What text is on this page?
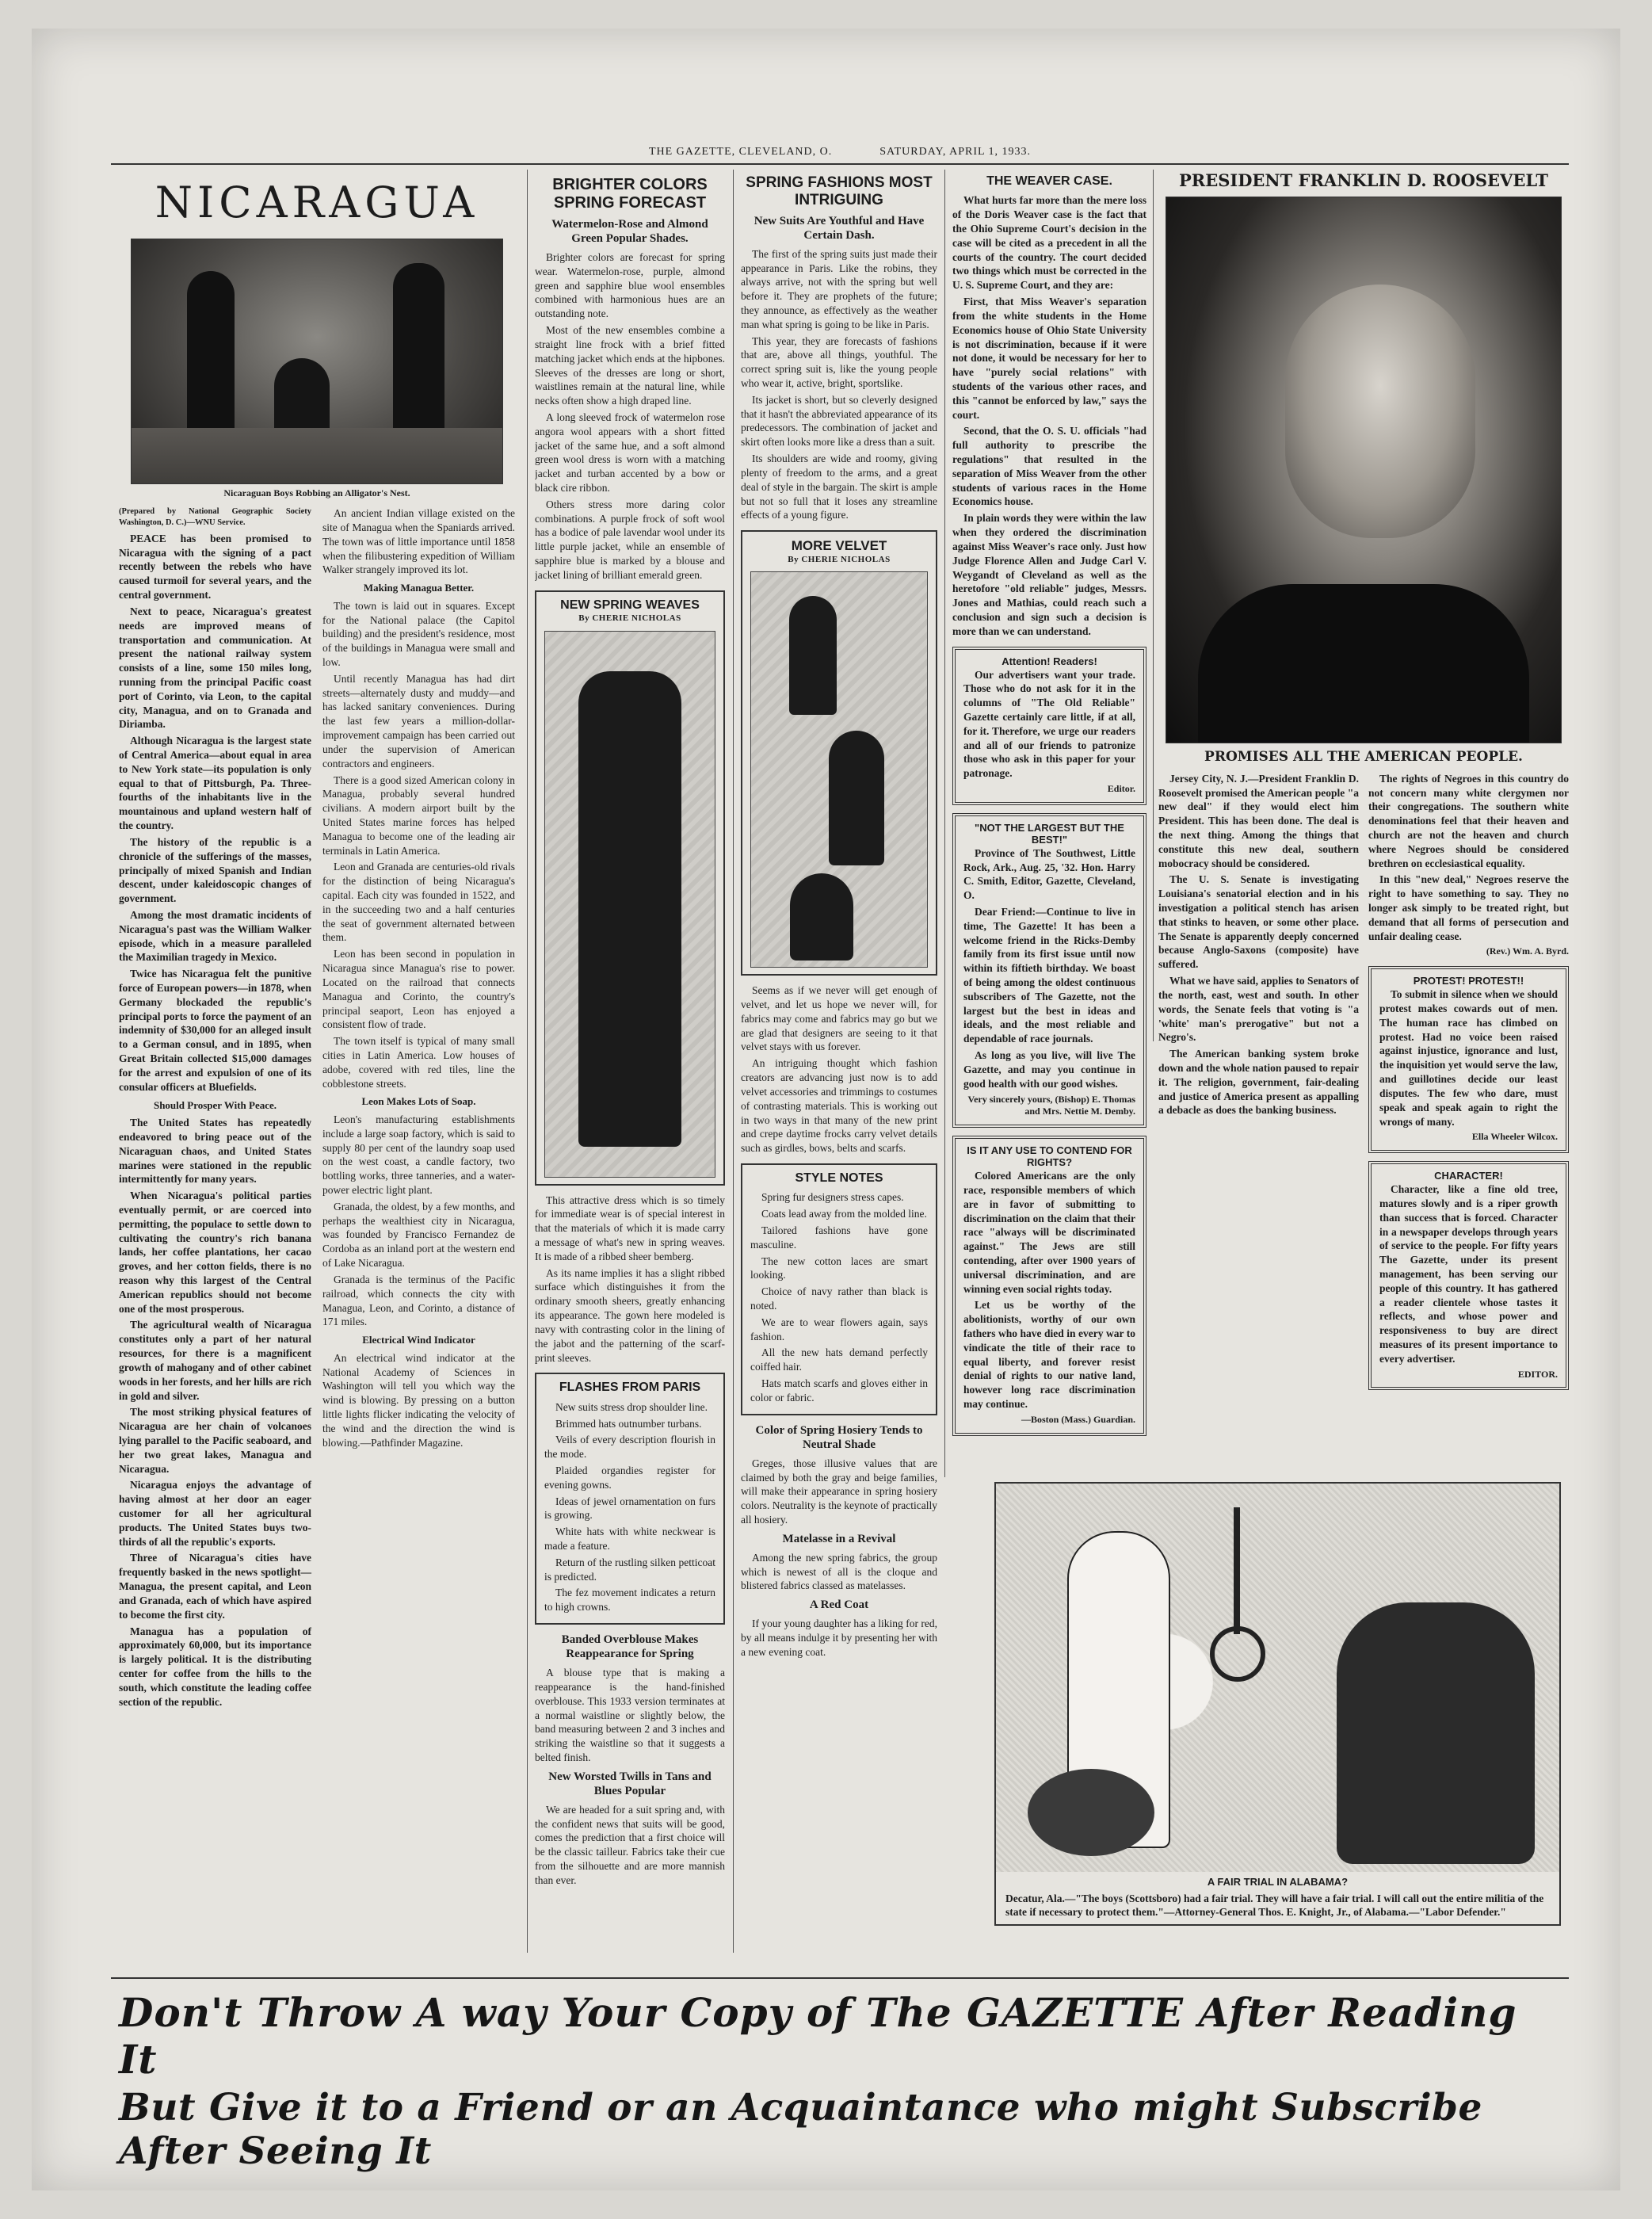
THE GAZETTE, CLEVELAND, O.	SATURDAY, APRIL 1, 1933.
NICARAGUA
Nicaraguan Boys Robbing an Alligator's Nest.
(Prepared by National Geographic Society Washington, D. C.)—WNU Service.

PEACE has been promised to Nicaragua with the signing of a pact recently between the rebels who have caused turmoil for several years, and the central government.

Next to peace, Nicaragua's greatest needs are improved means of transportation and communication. At present the national railway system consists of a line, some 150 miles long, running from the principal Pacific coast port of Corinto, via Leon, to the capital city, Managua, and on to Granada and Diriamba.

Although Nicaragua is the largest state of Central America—about equal in area to New York state—its population is only equal to that of Pittsburgh, Pa. Three-fourths of the inhabitants live in the mountainous and upland western half of the country.

The history of the republic is a chronicle of the sufferings of the masses, principally of mixed Spanish and Indian descent, under kaleidoscopic changes of government.

Among the most dramatic incidents of Nicaragua's past was the William Walker episode, which in a measure paralleled the Maximilian tragedy in Mexico.

Twice has Nicaragua felt the punitive force of European powers—in 1878, when Germany blockaded the republic's principal ports to force the payment of an indemnity of $30,000 for an alleged insult to a German consul, and in 1895, when Great Britain collected $15,000 damages for the arrest and expulsion of one of its consular officers at Bluefields.

Should Prosper With Peace.

The United States has repeatedly endeavored to bring peace out of the Nicaraguan chaos, and United States marines were stationed in the republic intermittently for many years.

When Nicaragua's political parties eventually permit, or are coerced into permitting, the populace to settle down to cultivating the country's rich banana lands, her coffee plantations, her cacao groves, and her cotton fields, there is no reason why this largest of the Central American republics should not become one of the most prosperous.

The agricultural wealth of Nicaragua constitutes only a part of her natural resources, for there is a magnificent growth of mahogany and of other cabinet woods in her forests, and her hills are rich in gold and silver.

The most striking physical features of Nicaragua are her chain of volcanoes lying parallel to the Pacific seaboard, and her two great lakes, Managua and Nicaragua.

Nicaragua enjoys the advantage of having almost at her door an eager customer for all her agricultural products. The United States buys two-thirds of all the republic's exports.

Three of Nicaragua's cities have frequently basked in the news spotlight—Managua, the present capital, and Leon and Granada, each of which have aspired to become the first city.

Managua has a population of approximately 60,000, but its importance is largely political. It is the distributing center for coffee from the hills to the south, which constitute the leading coffee section of the republic.

An ancient Indian village existed on the site of Managua when the Spaniards arrived. The town was of little importance until 1858 when the filibustering expedition of William Walker strangely improved its lot.

Making Managua Better.

The town is laid out in squares. Except for the National palace (the Capitol building) and the president's residence, most of the buildings in Managua were small and low.

Until recently Managua has had dirt streets—alternately dusty and muddy—and has lacked sanitary conveniences. During the last few years a million-dollar-improvement campaign has been carried out under the supervision of American contractors and engineers.

There is a good sized American colony in Managua, probably several hundred civilians. A modern airport built by the United States marine forces has helped Managua to become one of the leading air terminals in Latin America.

Leon and Granada are centuries-old rivals for the distinction of being Nicaragua's capital. Each city was founded in 1522, and in the succeeding two and a half centuries the seat of government alternated between them.

Leon has been second in population in Nicaragua since Managua's rise to power. Located on the railroad that connects Managua and Corinto, the country's principal seaport, Leon has enjoyed a consistent flow of trade.

The town itself is typical of many small cities in Latin America. Low houses of adobe, covered with red tiles, line the cobblestone streets.

Leon Makes Lots of Soap.

Leon's manufacturing establishments include a large soap factory, which is said to supply 80 per cent of the laundry soap used on the west coast, a candle factory, two bottling works, three tanneries, and a water-power electric light plant.

Granada, the oldest, by a few months, and perhaps the wealthiest city in Nicaragua, was founded by Francisco Fernandez de Cordoba as an inland port at the western end of Lake Nicaragua.

Granada is the terminus of the Pacific railroad, which connects the city with Managua, Leon, and Corinto, a distance of 171 miles.

Electrical Wind Indicator

An electrical wind indicator at the National Academy of Sciences in Washington will tell you which way the wind is blowing. By pressing on a button little lights flicker indicating the velocity of the wind and the direction the wind is blowing.—Pathfinder Magazine.

BRIGHTER COLORS SPRING FORECAST
Watermelon-Rose and Almond Green Popular Shades.

Brighter colors are forecast for spring wear. Watermelon-rose, purple, almond green and sapphire blue wool ensembles combined with harmonious hues are an outstanding note.

Most of the new ensembles combine a straight line frock with a brief fitted matching jacket which ends at the hipbones. Sleeves of the dresses are long or short, waistlines remain at the natural line, while necks often show a high draped line.

A long sleeved frock of watermelon rose angora wool appears with a short fitted jacket of the same hue, and a soft almond green wool dress is worn with a matching jacket and turban accented by a bow or black cire ribbon.

Others stress more daring color combinations. A purple frock of soft wool has a bodice of pale lavendar wool under its little purple jacket, while an ensemble of sapphire blue is marked by a blouse and jacket lining of brilliant emerald green.

NEW SPRING WEAVES
By CHERIE NICHOLAS

This attractive dress which is so timely for immediate wear is of special interest in that the materials of which it is made carry a message of what's new in spring weaves. It is made of a ribbed sheer bemberg.

As its name implies it has a slight ribbed surface which distinguishes it from the ordinary smooth sheers, greatly enhancing its appearance. The gown here modeled is navy with contrasting color in the lining of the jabot and the patterning of the scarf-print sleeves.

FLASHES FROM PARIS

New suits stress drop shoulder line.

Brimmed hats outnumber turbans.

Veils of every description flourish in the mode.

Plaided organdies register for evening gowns.

Ideas of jewel ornamentation on furs is growing.

White hats with white neckwear is made a feature.

Return of the rustling silken petticoat is predicted.

The fez movement indicates a return to high crowns.

Banded Overblouse Makes Reappearance for Spring

A blouse type that is making a reappearance is the hand-finished overblouse. This 1933 version terminates at a normal waistline or slightly below, the band measuring between 2 and 3 inches and striking the waistline so that it suggests a belted finish.

New Worsted Twills in Tans and Blues Popular

We are headed for a suit spring and, with the confident news that suits will be good, comes the prediction that a first choice will be the classic tailleur. Fabrics take their cue from the silhouette and are more mannish than ever.

SPRING FASHIONS MOST INTRIGUING
New Suits Are Youthful and Have Certain Dash.

The first of the spring suits just made their appearance in Paris. Like the robins, they always arrive, not with the spring but well before it. They are prophets of the future; they announce, as effectively as the weather man what spring is going to be like in Paris.

This year, they are forecasts of fashions that are, above all things, youthful. The correct spring suit is, like the young people who wear it, active, bright, sportslike.

Its jacket is short, but so cleverly designed that it hasn't the abbreviated appearance of its predecessors. The combination of jacket and skirt often looks more like a dress than a suit.

Its shoulders are wide and roomy, giving plenty of freedom to the arms, and a great deal of style in the bargain. The skirt is ample but not so full that it loses any streamline effects of a young figure.

MORE VELVET
By CHERIE NICHOLAS

Seems as if we never will get enough of velvet, and let us hope we never will, for fabrics may come and fabrics may go but we are glad that designers are seeing to it that velvet stays with us forever.

An intriguing thought which fashion creators are advancing just now is to add velvet accessories and trimmings to costumes of contrasting materials. This is working out in two ways in that many of the new print and crepe daytime frocks carry velvet details such as girdles, bows, belts and scarfs.

STYLE NOTES

Spring fur designers stress capes.

Coats lead away from the molded line.

Tailored fashions have gone masculine.

The new cotton laces are smart looking.

Choice of navy rather than black is noted.

We are to wear flowers again, says fashion.

All the new hats demand perfectly coiffed hair.

Hats match scarfs and gloves either in color or fabric.

Color of Spring Hosiery Tends to Neutral Shade

Greges, those illusive values that are claimed by both the gray and beige families, will make their appearance in spring hosiery colors. Neutrality is the keynote of practically all hosiery.

Matelasse in a Revival

Among the new spring fabrics, the group which is newest of all is the cloque and blistered fabrics classed as matelasses.

A Red Coat

If your young daughter has a liking for red, by all means indulge it by presenting her with a new evening coat.

THE WEAVER CASE.

What hurts far more than the mere loss of the Doris Weaver case is the fact that the Ohio Supreme Court's decision in the case will be cited as a precedent in all the courts of the country. The court decided two things which must be corrected in the U. S. Supreme Court, and they are:

First, that Miss Weaver's separation from the white students in the Home Economics house of Ohio State University is not discrimination, because if it were not done, it would be necessary for her to have "purely social relations" with students of the various other races, and this "cannot be enforced by law," says the court.

Second, that the O. S. U. officials "had full authority to prescribe the regulations" that resulted in the separation of Miss Weaver from the other students of various races in the Home Economics house.

In plain words they were within the law when they ordered the discrimination against Miss Weaver's race only. Just how Judge Florence Allen and Judge Carl V. Weygandt of Cleveland as well as the heretofore "old reliable" judges, Messrs. Jones and Mathias, could reach such a conclusion and sign such a decision is more than we can understand.

Attention! Readers!

Our advertisers want your trade. Those who do not ask for it in the columns of "The Old Reliable" Gazette certainly care little, if at all, for it. Therefore, we urge our readers and all of our friends to patronize those who ask in this paper for your patronage.

Editor.
"NOT THE LARGEST BUT THE BEST!"

Province of The Southwest, Little Rock, Ark., Aug. 25, '32. Hon. Harry C. Smith, Editor, Gazette, Cleveland, O.

Dear Friend:—Continue to live in time, The Gazette! It has been a welcome friend in the Ricks-Demby family from its first issue until now within its fiftieth birthday. We boast of being among the oldest continuous subscribers of The Gazette, not the largest but the best in ideas and ideals, and the most reliable and dependable of race journals.

As long as you live, will live The Gazette, and may you continue in good health with our good wishes.

Very sincerely yours, (Bishop) E. Thomas and Mrs. Nettie M. Demby.
IS IT ANY USE TO CONTEND FOR RIGHTS?

Colored Americans are the only race, responsible members of which are in favor of submitting to discrimination on the claim that their race "always will be discriminated against." The Jews are still contending, after over 1900 years of universal discrimination, and are winning even social rights today.

Let us be worthy of the abolitionists, worthy of our own fathers who have died in every war to vindicate the title of their race to equal liberty, and forever resist denial of rights to our native land, however long race discrimination may continue.

—Boston (Mass.) Guardian.
PRESIDENT FRANKLIN D. ROOSEVELT
PROMISES ALL THE AMERICAN PEOPLE.

Jersey City, N. J.—President Franklin D. Roosevelt promised the American people "a new deal" if they would elect him President. This has been done. The deal is the next thing. Among the things that constitute this new deal, southern mobocracy should be considered.

The U. S. Senate is investigating Louisiana's senatorial election and in his investigation a political stench has arisen that stinks to heaven, or some other place. The Senate is apparently deeply concerned because Anglo-Saxons (composite) have suffered.

What we have said, applies to Senators of the north, east, west and south. In other words, the Senate feels that voting is "a 'white' man's prerogative" but not a Negro's.

The American banking system broke down and the whole nation paused to repair it. The religion, government, fair-dealing and justice of America present as appalling a debacle as does the banking business.

The rights of Negroes in this country do not concern many white clergymen nor their congregations. The southern white denominations feel that their heaven and church are not the heaven and church where Negroes should be considered brethren on ecclesiastical equality.

In this "new deal," Negroes reserve the right to have something to say. They no longer ask simply to be treated right, but demand that all forms of persecution and unfair dealing cease.

(Rev.) Wm. A. Byrd.
PROTEST! PROTEST!!

To submit in silence when we should protest makes cowards out of men. The human race has climbed on protest. Had no voice been raised against injustice, ignorance and lust, the inquisition yet would serve the law, and guillotines decide our least disputes. The few who dare, must speak and speak again to right the wrongs of many.

Ella Wheeler Wilcox.
CHARACTER!

Character, like a fine old tree, matures slowly and is a riper growth than success that is forced. Character in a newspaper develops through years of service to the people. For fifty years The Gazette, under its present management, has been serving our people of this country. It has gathered a reader clientele whose tastes it reflects, and whose power and responsiveness to buy are direct measures of its present importance to every advertiser.

EDITOR.
A FAIR TRIAL IN ALABAMA?
Decatur, Ala.—"The boys (Scottsboro) had a fair trial. They will have a fair trial. I will call out the entire militia of the state if necessary to protect them."—Attorney-General Thos. E. Knight, Jr., of Alabama.—"Labor Defender."
Don't Throw A way Your Copy of The GAZETTE After Reading It
But Give it to a Friend or an Acquaintance who might Subscribe After Seeing It
